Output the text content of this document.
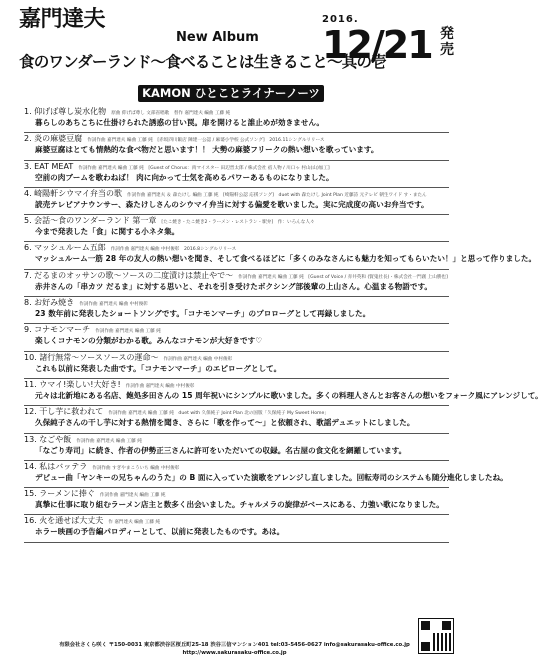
嘉門達夫
New Album
食のワンダーランド～食べることは生きること～其の壱
2016.
12/21 発売
KAMON ひとことライナーノーツ
1. 仰げば尊し炭水化物 原曲 仰げば尊し 文部省唱歌　替作 嘉門達夫 編曲 工藤 純
暮らしのあちこちに仕掛けられた誘惑の甘い罠。扉を開けると誰止めが効きません。
2. 炎の麻婆豆腐 作詞作曲 嘉門達夫 編曲 工藤 純　[赤坂四川飯店 陳建一公認 / 麻婆小学校 公式ソング]　2016.11シングルリリース
麻婆豆腐はとても情熱的な食べ物だと思います！！ 大勢の麻婆フリークの熱い想いを歌っています。
3. EAT MEAT 作詞作曲 嘉門達夫 編曲 工藤 純　[Guest of Chorus：肉マイスター 田辺晋太郎 / 株式会社 宿人物 / 川口ゃ 村山(山)加工]
空前の肉ブームを歌わねば！ 肉に向かって士気を高めるパワーあるものになりました。
4. 崎陽軒シウマイ弁当の歌 作詞作曲 嘉門達夫 ＆ 森たけし 編曲 工藤 純　[崎陽軒公認 応援ソング]　duet with 森たけし Joint Plan 近藤詩 元テレビ 朝生ワイド す・またん
読売テレビアナウンサー、森たけしさんのシウマイ弁当に対する偏愛を歌いました。実に完成度の高いお弁当です。
5. 会話～食のワンダーランド 第一章 [たこ焼き・たこ焼き2・ラーメン・レストラン・駅弁]　作：いろんな人々
今まで発表した「食」に関する小ネタ集。
6. マッシュルーム五郎 作詞作曲 嘉門達夫 編曲 中村俊彰　2016.8シングルリリース
マッシュルーム一筋 28 年の友人の熱い想いを聞き、そして食べるほどに「多くのみなさんにも魅力を知ってもらいたい！」と思って作りました。
7. だるまのオッサンの歌～ソースの二度漬けは禁止やで～ 作詞作曲 嘉門達夫 編曲 工藤 純　[Guest of Voice / 赤井英和 (賢鬼社長)・株式会社一門創 上山勝也]
赤井さんの「串カツ だるま」に対する思いと、それを引き受けたボクシング部後輩の上山さん。心温まる物語です。
8. お好み焼き 作詞作曲 嘉門達夫 編曲 中村俊彰
23 数年前に発表したショートソングです。「コナモンマーチ」のプロローグとして再録しました。
9. コナモンマーチ 作詞作曲 嘉門達夫 編曲 工藤 純
楽しくコナモンの分類がわかる歌。みんなコナモンが大好きです♡
10. 諸行無常～ソースソースの運命～ 作詞作曲 嘉門達夫 編曲 中村俊彰
これも以前に発表した曲です。「コナモンマーチ」のエピローグとして。
11. ウマイ!楽しい!大好き! 作詞作曲 嘉門達夫 編曲 中村俊彰
元々は北新地にある名店、飽処多田さんの 15 周年祝いにシンプルに歌いました。多くの料理人さんとお客さんの想いをフォーク風にアレンジして。
12. 干し芋に救われて 作詞作曲 嘉門達夫 編曲 工藤 純　duet with 久保純子 Joint Plan 北の国版「久保純子 My Sweet Home」
久保純子さんの干し芋に対する熱情を聞き、さらに「歌を作って～」と依頼され、歌謡デュエットにしました。
13. なごや飯 作詞作曲 嘉門達夫 編曲 工藤 純
「なごり寿司」に続き、作者の伊勢正三さんに許可をいただいての収録。名古屋の食文化を網羅しています。
14. 私はバッテラ 作詞作曲 すぎやまこういち 編曲 中村俊彰
デビュー曲「ヤンキーの兄ちゃんのうた」の B 面に入っていた演歌をアレンジし直しました。回転寿司のシステムも随分進化しましたね。
15. ラーメンに捧ぐ 作詞作曲 嘉門達夫 編曲 工藤 純
真摯に仕事に取り組むラーメン店主と数多く出会いました。チャルメラの旋律がベースにある、力強い歌になりました。
16. 火を通せば大丈夫 作 嘉門達夫 編曲 工藤 純
ホラー映画の予告編パロディーとして、以前に発表したものです。あは。
有限会社さくら咲く 〒150-0031 東京都渋谷区桜丘町25-18 渋谷三信マンション401 tel:03-5456-0627 info@sakurasaku-office.co.jp
http://www.sakurasaku-office.co.jp
